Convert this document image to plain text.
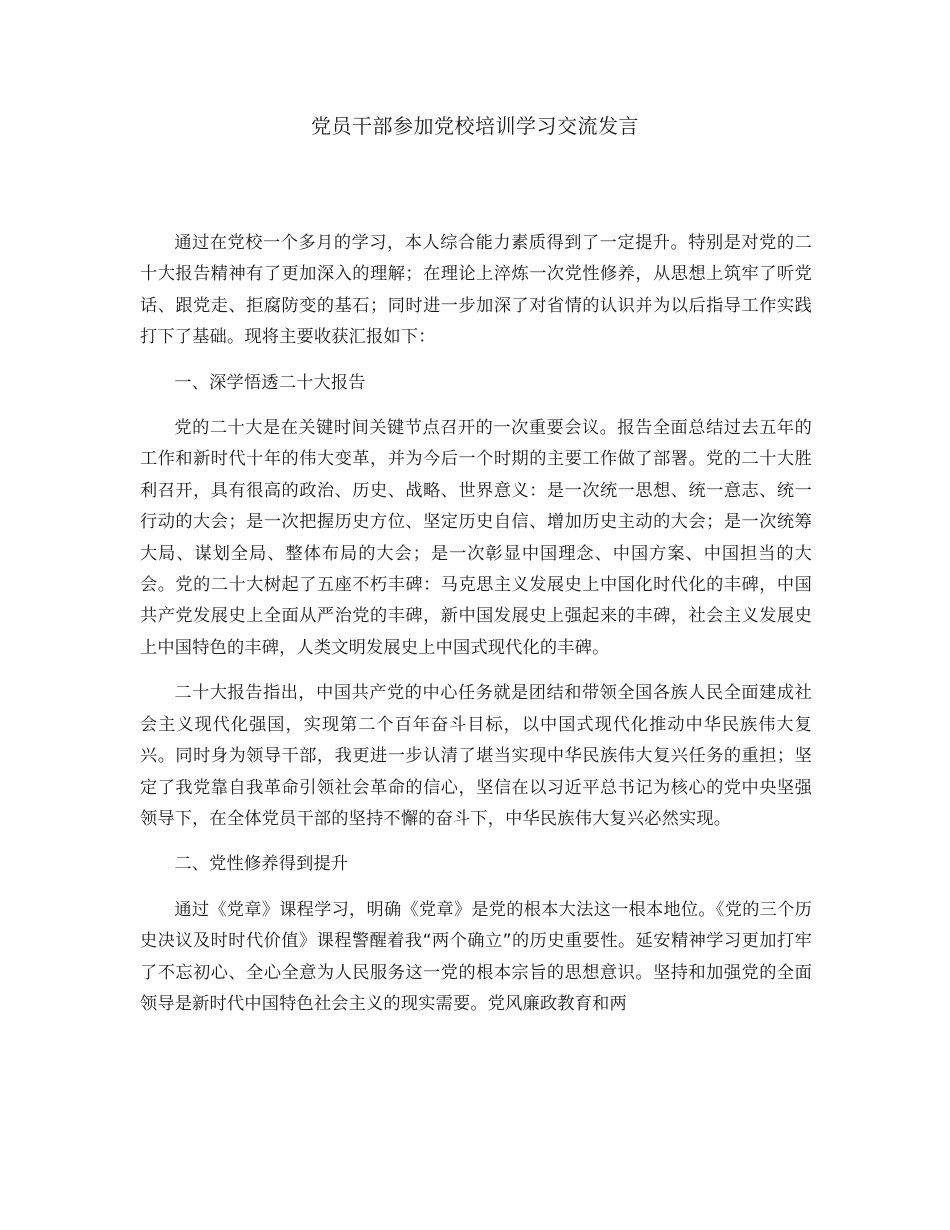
党员干部参加党校培训学习交流发言

通过在党校一个多月的学习，本人综合能力素质得到了一定提升。特别是对党的二十大报告精神有了更加深入的理解；在理论上淬炼一次党性修养，从思想上筑牢了听党话、跟党走、拒腐防变的基石；同时进一步加深了对省情的认识并为以后指导工作实践打下了基础。现将主要收获汇报如下：

一、深学悟透二十大报告

党的二十大是在关键时间关键节点召开的一次重要会议。报告全面总结过去五年的工作和新时代十年的伟大变革，并为今后一个时期的主要工作做了部署。党的二十大胜利召开，具有很高的政治、历史、战略、世界意义：是一次统一思想、统一意志、统一行动的大会；是一次把握历史方位、坚定历史自信、增加历史主动的大会；是一次统筹大局、谋划全局、整体布局的大会；是一次彰显中国理念、中国方案、中国担当的大会。党的二十大树起了五座不朽丰碑：马克思主义发展史上中国化时代化的丰碑，中国共产党发展史上全面从严治党的丰碑，新中国发展史上强起来的丰碑，社会主义发展史上中国特色的丰碑，人类文明发展史上中国式现代化的丰碑。

二十大报告指出，中国共产党的中心任务就是团结和带领全国各族人民全面建成社会主义现代化强国，实现第二个百年奋斗目标，以中国式现代化推动中华民族伟大复兴。同时身为领导干部，我更进一步认清了堪当实现中华民族伟大复兴任务的重担；坚定了我党靠自我革命引领社会革命的信心，坚信在以习近平总书记为核心的党中央坚强领导下，在全体党员干部的坚持不懈的奋斗下，中华民族伟大复兴必然实现。

二、党性修养得到提升

通过《党章》课程学习，明确《党章》是党的根本大法这一根本地位。《党的三个历史决议及时时代价值》课程警醒着我“两个确立”的历史重要性。延安精神学习更加打牢了不忘初心、全心全意为人民服务这一党的根本宗旨的思想意识。坚持和加强党的全面领导是新时代中国特色社会主义的现实需要。党风廉政教育和两
